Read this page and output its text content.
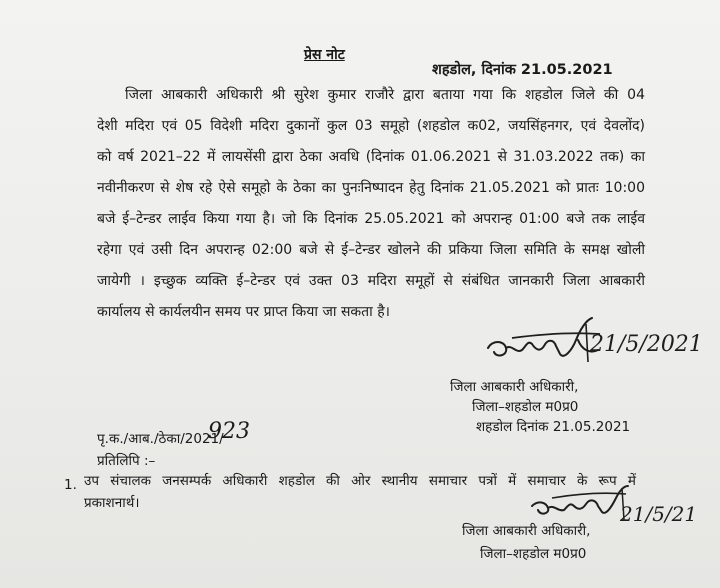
प्रेस नोट
शहडोल, दिनांक 21.05.2021
जिला आबकारी अधिकारी श्री सुरेश कुमार राजौरे द्वारा बताया गया कि शहडोल जिले की 04
देशी मदिरा एवं 05 विदेशी मदिरा दुकानों कुल 03 समूहो (शहडोल क02, जयसिंहनगर, एवं देवलोंद)
को वर्ष 2021–22 में लायसेंसी द्वारा ठेका अवधि (दिनांक 01.06.2021 से 31.03.2022 तक) का
नवीनीकरण से शेष रहे ऐसे समूहो के ठेका का पुनःनिष्पादन हेतु दिनांक 21.05.2021 को प्रातः 10:00
बजे ई–टेन्डर लाईव किया गया है। जो कि दिनांक 25.05.2021 को अपरान्ह 01:00 बजे तक लाईव
रहेगा एवं उसी दिन अपरान्ह 02:00 बजे से ई–टेन्डर खोलने की प्रकिया जिला समिति के समक्ष खोली
जायेगी । इच्छुक व्यक्ति ई–टेन्डर एवं उक्त 03 मदिरा समूहों से संबंधित जानकारी जिला आबकारी
कार्यालय से कार्यलयीन समय पर प्राप्त किया जा सकता है।
21/5/2021
जिला आबकारी अधिकारी,
जिला–शहडोल म0प्र0
शहडोल दिनांक 21.05.2021
पृ.क./आब./ठेका/2021/
923
प्रतिलिपि :–
1. उप संचालक जनसम्पर्क अधिकारी शहडोल की ओर स्थानीय समाचार पत्रों में समाचार के रूप में
प्रकाशनार्थ।	21/5/21
जिला आबकारी अधिकारी,
जिला–शहडोल म0प्र0
